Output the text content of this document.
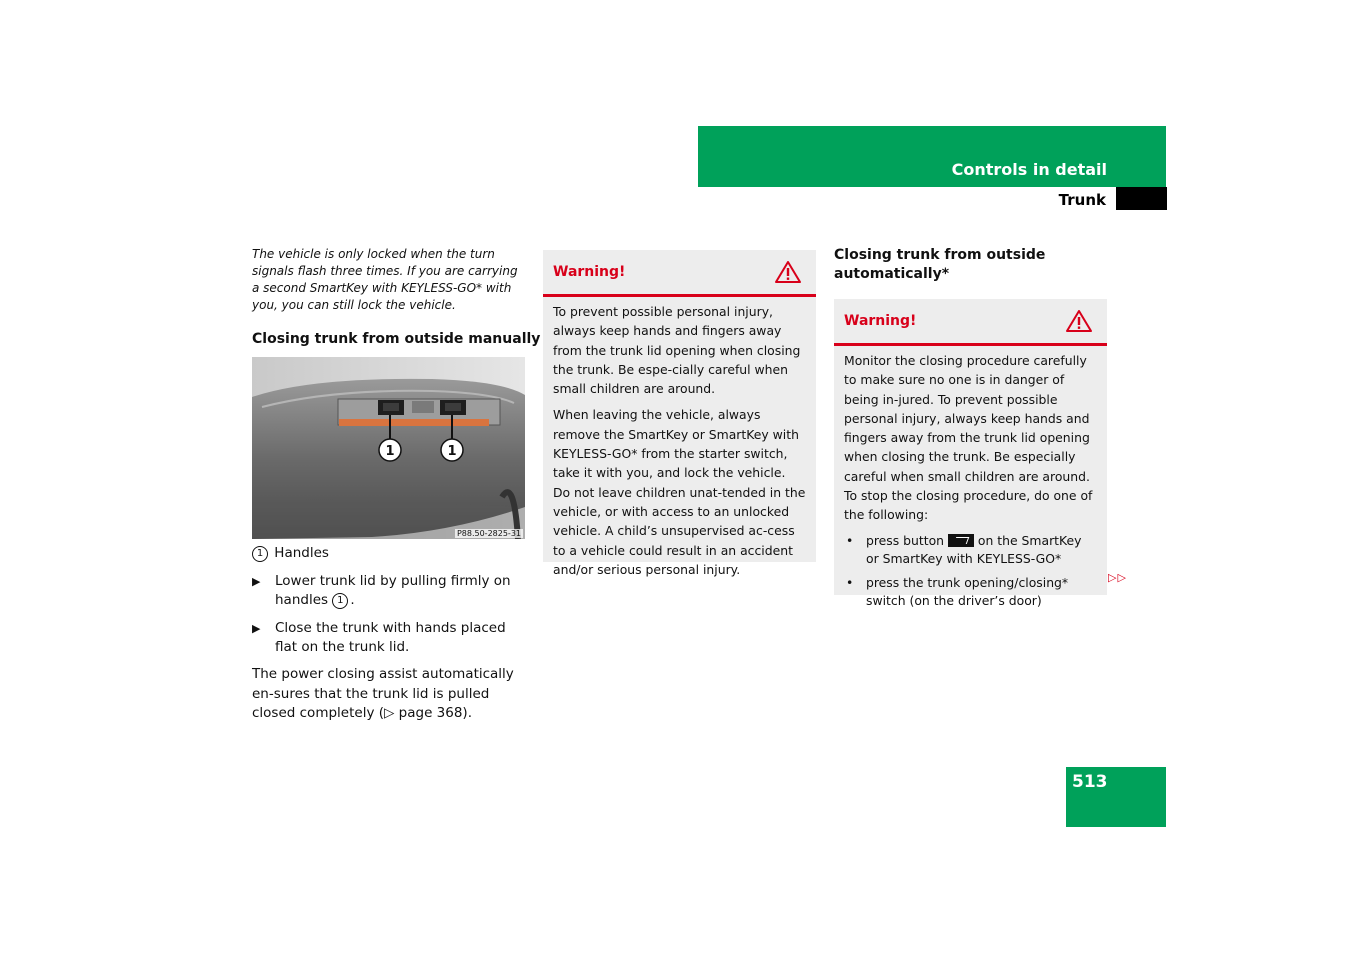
Controls in detail
Trunk
The vehicle is only locked when the turn signals flash three times. If you are carrying a second SmartKey with KEYLESS-GO* with you, you can still lock the vehicle.
Closing trunk from outside manually
1	1
P88.50-2825-31
1 Handles
▶ Lower trunk lid by pulling firmly on handles 1 .
▶ Close the trunk with hands placed flat on the trunk lid.
The power closing assist automatically en-sures that the trunk lid is pulled closed completely (▷ page 368).
Warning!

To prevent possible personal injury, always keep hands and fingers away from the trunk lid opening when closing the trunk. Be espe-cially careful when small children are around.

When leaving the vehicle, always remove the SmartKey or SmartKey with KEYLESS-GO* from the starter switch, take it with you, and lock the vehicle. Do not leave children unat-tended in the vehicle, or with access to an unlocked vehicle. A child’s unsupervised ac-cess to a vehicle could result in an accident and/or serious personal injury.

Closing trunk from outside automatically*
Warning!

Monitor the closing procedure carefully to make sure no one is in danger of being in-jured. To prevent possible personal injury, always keep hands and fingers away from the trunk lid opening when closing the trunk. Be especially careful when small children are around. To stop the closing procedure, do one of the following:

• press button  on the SmartKey or SmartKey with KEYLESS-GO*
• press the trunk opening/closing* switch (on the driver’s door)
▷▷
513
